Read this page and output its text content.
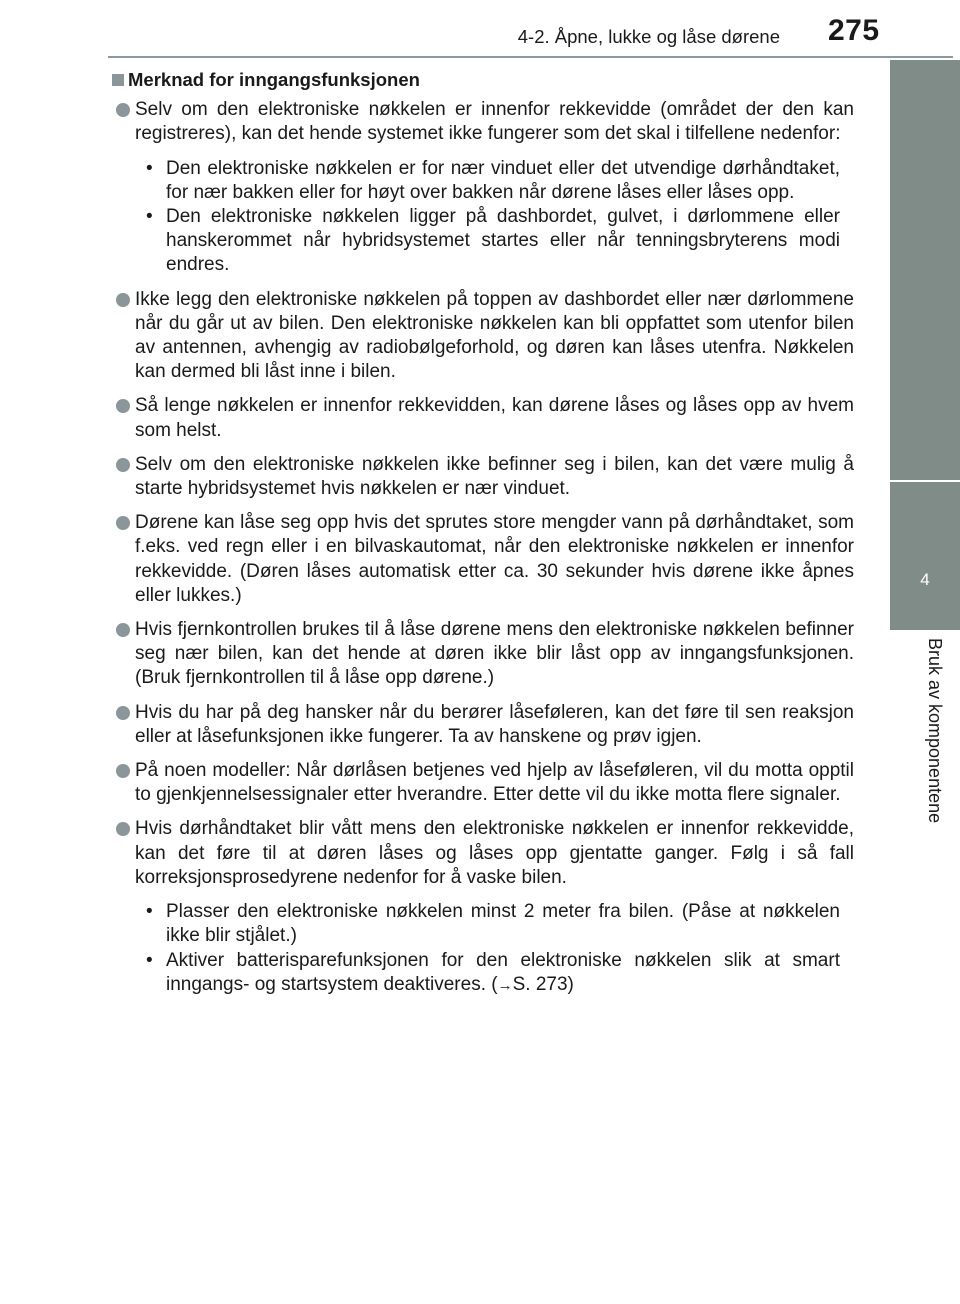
4-2. Åpne, lukke og låse dørene 275
4
Bruk av komponentene
Merknad for inngangsfunksjonen
Selv om den elektroniske nøkkelen er innenfor rekkevidde (området der den kan registreres), kan det hende systemet ikke fungerer som det skal i tilfellene nedenfor:

• Den elektroniske nøkkelen er for nær vinduet eller det utvendige dørhåndtaket, for nær bakken eller for høyt over bakken når dørene låses eller låses opp.

• Den elektroniske nøkkelen ligger på dashbordet, gulvet, i dørlommene eller hanskerommet når hybridsystemet startes eller når tenningsbryterens modi endres.

Ikke legg den elektroniske nøkkelen på toppen av dashbordet eller nær dørlommene når du går ut av bilen. Den elektroniske nøkkelen kan bli oppfattet som utenfor bilen av antennen, avhengig av radiobølgeforhold, og døren kan låses utenfra. Nøkkelen kan dermed bli låst inne i bilen.
Så lenge nøkkelen er innenfor rekkevidden, kan dørene låses og låses opp av hvem som helst.
Selv om den elektroniske nøkkelen ikke befinner seg i bilen, kan det være mulig å starte hybridsystemet hvis nøkkelen er nær vinduet.
Dørene kan låse seg opp hvis det sprutes store mengder vann på dørhåndtaket, som f.eks. ved regn eller i en bilvaskautomat, når den elektroniske nøkkelen er innenfor rekkevidde. (Døren låses automatisk etter ca. 30 sekunder hvis dørene ikke åpnes eller lukkes.)
Hvis fjernkontrollen brukes til å låse dørene mens den elektroniske nøkkelen befinner seg nær bilen, kan det hende at døren ikke blir låst opp av inngangsfunksjonen. (Bruk fjernkontrollen til å låse opp dørene.)
Hvis du har på deg hansker når du berører låseføleren, kan det føre til sen reaksjon eller at låsefunksjonen ikke fungerer. Ta av hanskene og prøv igjen.
På noen modeller: Når dørlåsen betjenes ved hjelp av låseføleren, vil du motta opptil to gjenkjennelsessignaler etter hverandre. Etter dette vil du ikke motta flere signaler.
Hvis dørhåndtaket blir vått mens den elektroniske nøkkelen er innenfor rekkevidde, kan det føre til at døren låses og låses opp gjentatte ganger. Følg i så fall korreksjonsprosedyrene nedenfor for å vaske bilen.

• Plasser den elektroniske nøkkelen minst 2 meter fra bilen. (Påse at nøkkelen ikke blir stjålet.)

• Aktiver batterisparefunksjonen for den elektroniske nøkkelen slik at smart inngangs- og startsystem deaktiveres. (→S. 273)
